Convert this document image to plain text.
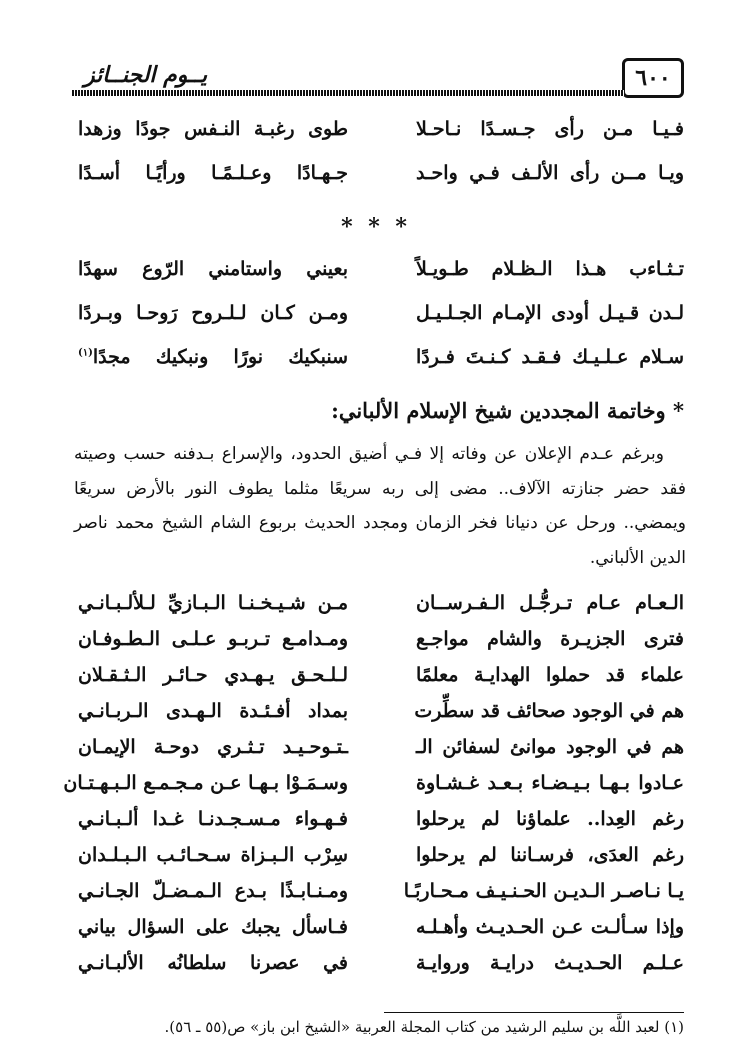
٦٠٠
يــوم الجنــائز
فـيـا مـن رأى جـسـدًا نـاحـلا
طوى رغبـة النـفس جودًا وزهدا
ويـا مــن رأى الألـف فـي واحـد
جـهـادًا وعـلـمًـا ورأيًـا أسـدًا
* * *
تـثـاءب هـذا الـظـلام طـويـلاً
بعيني واستامني الرّوع سهدًا
لـدن قـيـل أودى الإمـام الجـلـيـل
ومـن كـان لـلـروح رَوحـا وبـردًا
سـلام عـلـيـك فـقـد كـنـتَ فـردًا
سنبكيك نورًا ونبكيك مجدًا$^{(١)}$
* وخاتمة المجددين شيخ الإسلام الألباني:

وبرغم عـدم الإعلان عن وفاته إلا فـي أضيق الحدود، والإسراع بـدفنه حسب وصيته فقد حضر جنازته الآلاف.. مضى إلى ربه سريعًا مثلما يطوف النور بالأرض سريعًا ويمضي.. ورحل عن دنيانا فخر الزمان ومجدد الحديث بربوع الشام الشيخ محمد ناصر الدين الألباني.

الـعـام عـام تـرجُّـل الـفـرســان
مـن شـيـخـنـا الـبـازيِّ لـلألـبـانـي
فترى الجزيـرة والشام مواجـع
ومـدامـع تـربـو عـلـى الـطـوفـان
علماء قد حملوا الهدايـة معلمًا
لـلـحـق يـهـدي حـائـر الـثـقـلان
هم في الوجود صحائف قد سطِّرت
بمداد أفـئـدة الـهـدى الـربـانـي
هم في الوجود موانئ لسفائن الـ
ـتـوحـيـد تـثـري دوحـة الإيمـان
عـادوا بـهـا بـيـضـاء بـعـد غـشـاوة
وسـمَـوْا بـهـا عـن مـجـمـع الـبـهـتـان
رغم العِدا.. علماؤنا لم يرحلوا
فـهـواء مـسـجـدنـا غـدا ألـبـانـي
رغم العدَى، فرسـاننا لم يرحلوا
سِرْب الـبـزاة سـحـائـب الـبـلـدان
يـا نـاصـر الـديـن الحـنـيـف مـحـاربًـا
ومـنـابـذًا بـدع الـمـضـلّ الجـانـي
وإذا سـألـت عـن الحـديـث وأهـلـه
فـاسأل يجبك على السؤال بياني
عـلـم الحـديـث درايـة وروايـة
في عصرنا سلطانُه الألبـانـي
(١) لعبد اللَّه بن سليم الرشيد من كتاب المجلة العربية «الشيخ ابن باز» ص(٥٥ ـ ٥٦).
